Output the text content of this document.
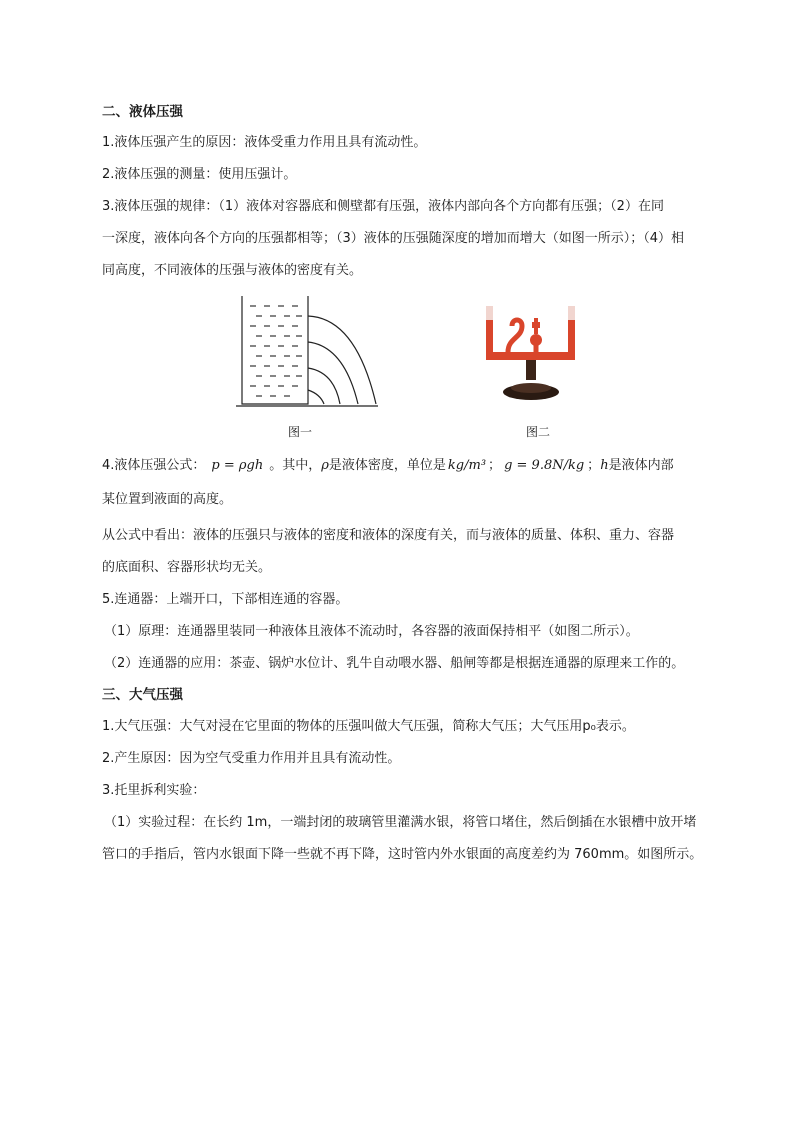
二、液体压强
1.液体压强产生的原因：液体受重力作用且具有流动性。
2.液体压强的测量：使用压强计。
3.液体压强的规律：（1）液体对容器底和侧壁都有压强，液体内部向各个方向都有压强；（2）在同
一深度，液体向各个方向的压强都相等；（3）液体的压强随深度的增加而增大（如图一所示）；（4）相
同高度，不同液体的压强与液体的密度有关。
图一	图二
4.液体压强公式： p = ρgh 。其中，ρ是液体密度，单位是 kg/m³ ； g = 9.8N/kg ；h是液体内部
某位置到液面的高度。
从公式中看出：液体的压强只与液体的密度和液体的深度有关，而与液体的质量、体积、重力、容器
的底面积、容器形状均无关。
5.连通器：上端开口，下部相连通的容器。
（1）原理：连通器里装同一种液体且液体不流动时，各容器的液面保持相平（如图二所示）。
（2）连通器的应用：茶壶、锅炉水位计、乳牛自动喂水器、船闸等都是根据连通器的原理来工作的。
三、大气压强
1.大气压强：大气对浸在它里面的物体的压强叫做大气压强，简称大气压；大气压用p₀表示。
2.产生原因：因为空气受重力作用并且具有流动性。
3.托里拆利实验：
（1）实验过程：在长约 1m，一端封闭的玻璃管里灌满水银，将管口堵住，然后倒插在水银槽中放开堵
管口的手指后，管内水银面下降一些就不再下降，这时管内外水银面的高度差约为 760mm。如图所示。
